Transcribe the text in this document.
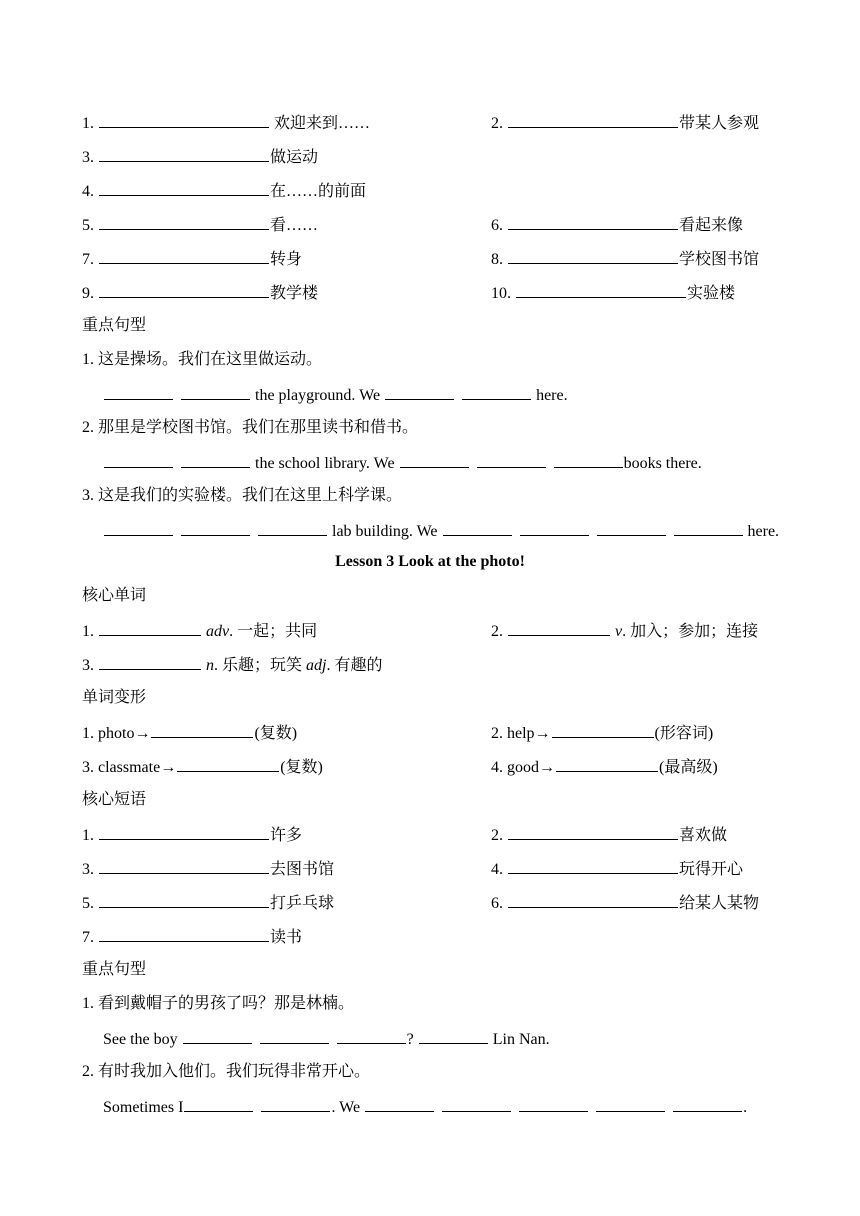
1.	欢迎来到……	2.	带某人参观
3.	做运动
4.	在……的前面
5.	看……	6.	看起来像
7.	转身	8.	学校图书馆
9.	教学楼	10.	实验楼
重点句型
1. 这是操场。我们在这里做运动。
the playground. We	here.
2. 那里是学校图书馆。我们在那里读书和借书。
the school library. We	books there.
3. 这是我们的实验楼。我们在这里上科学课。
lab building. We	here.
Lesson 3 Look at the photo!
核心单词
1.	adv. 一起；共同	2.	v. 加入；参加；连接
3.	n. 乐趣；玩笑 adj. 有趣的
单词变形
1. photo→	(复数)	2. help→	(形容词)
3. classmate→	(复数)	4. good→	(最高级)
核心短语
1.	许多	2.	喜欢做
3.	去图书馆	4.	玩得开心
5.	打乒乓球	6.	给某人某物
7.	读书
重点句型
1. 看到戴帽子的男孩了吗？那是林楠。
See the boy	?	Lin Nan.
2. 有时我加入他们。我们玩得非常开心。
Sometimes I	. We	.
